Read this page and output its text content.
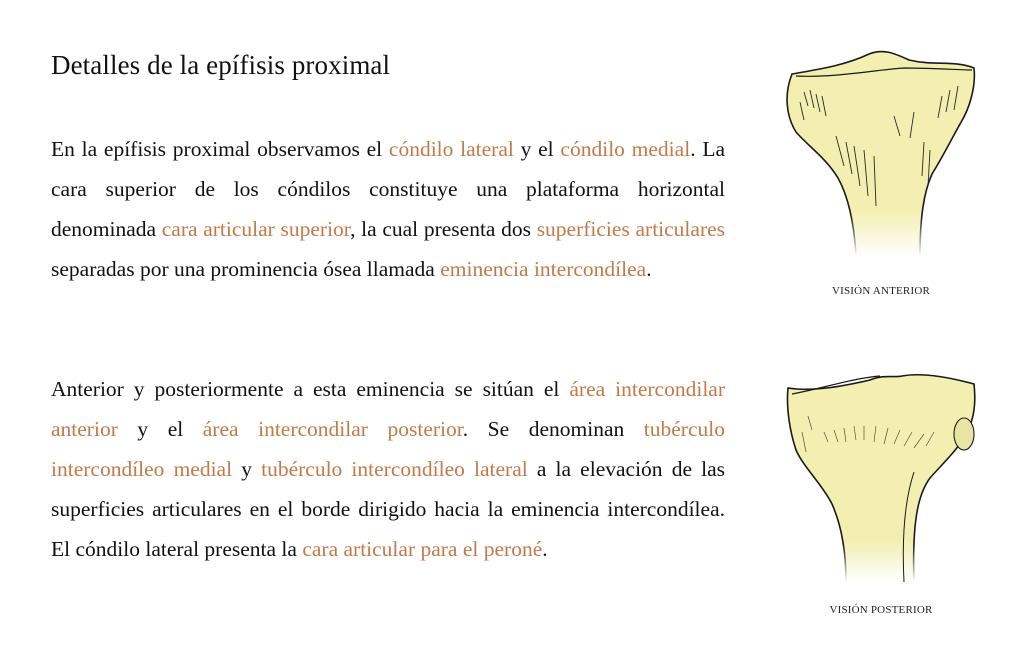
Detalles de la epífisis proximal

En la epífisis proximal observamos el cóndilo lateral y el cóndilo medial. La cara superior de los cóndilos constituye una plataforma horizontal denominada cara articular superior, la cual presenta dos superficies articulares separadas por una prominencia ósea llamada eminencia intercondílea.

Anterior y posteriormente a esta eminencia se sitúan el área intercondilar anterior y el área intercondilar posterior. Se denominan tubérculo intercondíleo medial y tubérculo intercondíleo lateral a la elevación de las superficies articulares en el borde dirigido hacia la eminencia intercondílea. El cóndilo lateral presenta la cara articular para el peroné.

VISIÓN ANTERIOR
VISIÓN POSTERIOR
